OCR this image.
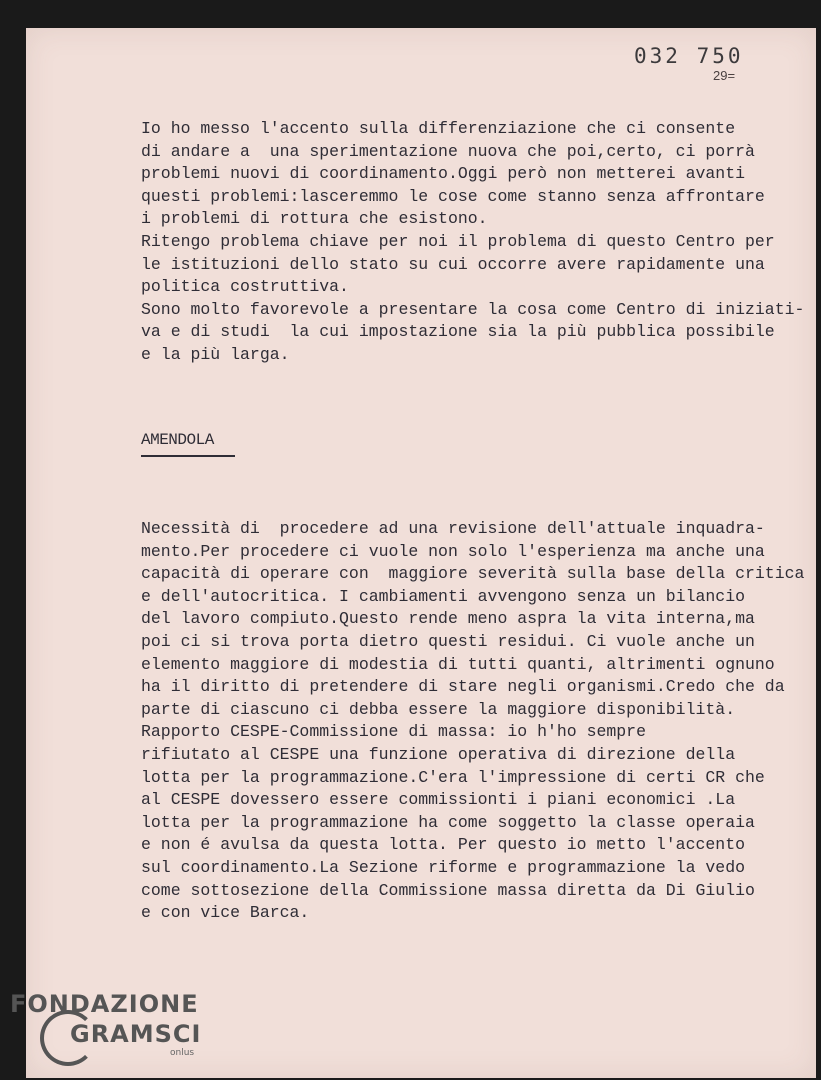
032 750
29=
Io ho messo l'accento sulla differenziazione che ci consente
di andare a  una sperimentazione nuova che poi,certo, ci porrà
problemi nuovi di coordinamento.Oggi però non metterei avanti
questi problemi:lasceremmo le cose come stanno senza affrontare
i problemi di rottura che esistono.
Ritengo problema chiave per noi il problema di questo Centro per
le istituzioni dello stato su cui occorre avere rapidamente una
politica costruttiva.
Sono molto favorevole a presentare la cosa come Centro di iniziati-
va e di studi  la cui impostazione sia la più pubblica possibile
e la più larga.
AMENDOLA
Necessità di  procedere ad una revisione dell'attuale inquadra-
mento.Per procedere ci vuole non solo l'esperienza ma anche una
capacità di operare con  maggiore severità sulla base della critica
e dell'autocritica. I cambiamenti avvengono senza un bilancio
del lavoro compiuto.Questo rende meno aspra la vita interna,ma
poi ci si trova porta dietro questi residui. Ci vuole anche un
elemento maggiore di modestia di tutti quanti, altrimenti ognuno
ha il diritto di pretendere di stare negli organismi.Credo che da
parte di ciascuno ci debba essere la maggiore disponibilità.
Rapporto CESPE-Commissione di massa: io h'ho sempre
rifiutato al CESPE una funzione operativa di direzione della
lotta per la programmazione.C'era l'impressione di certi CR che
al CESPE dovessero essere commissionti i piani economici .La
lotta per la programmazione ha come soggetto la classe operaia
e non é avulsa da questa lotta. Per questo io metto l'accento
sul coordinamento.La Sezione riforme e programmazione la vedo
come sottosezione della Commissione massa diretta da Di Giulio
e con vice Barca.
FONDAZIONE
GRAMSCI
onlus
